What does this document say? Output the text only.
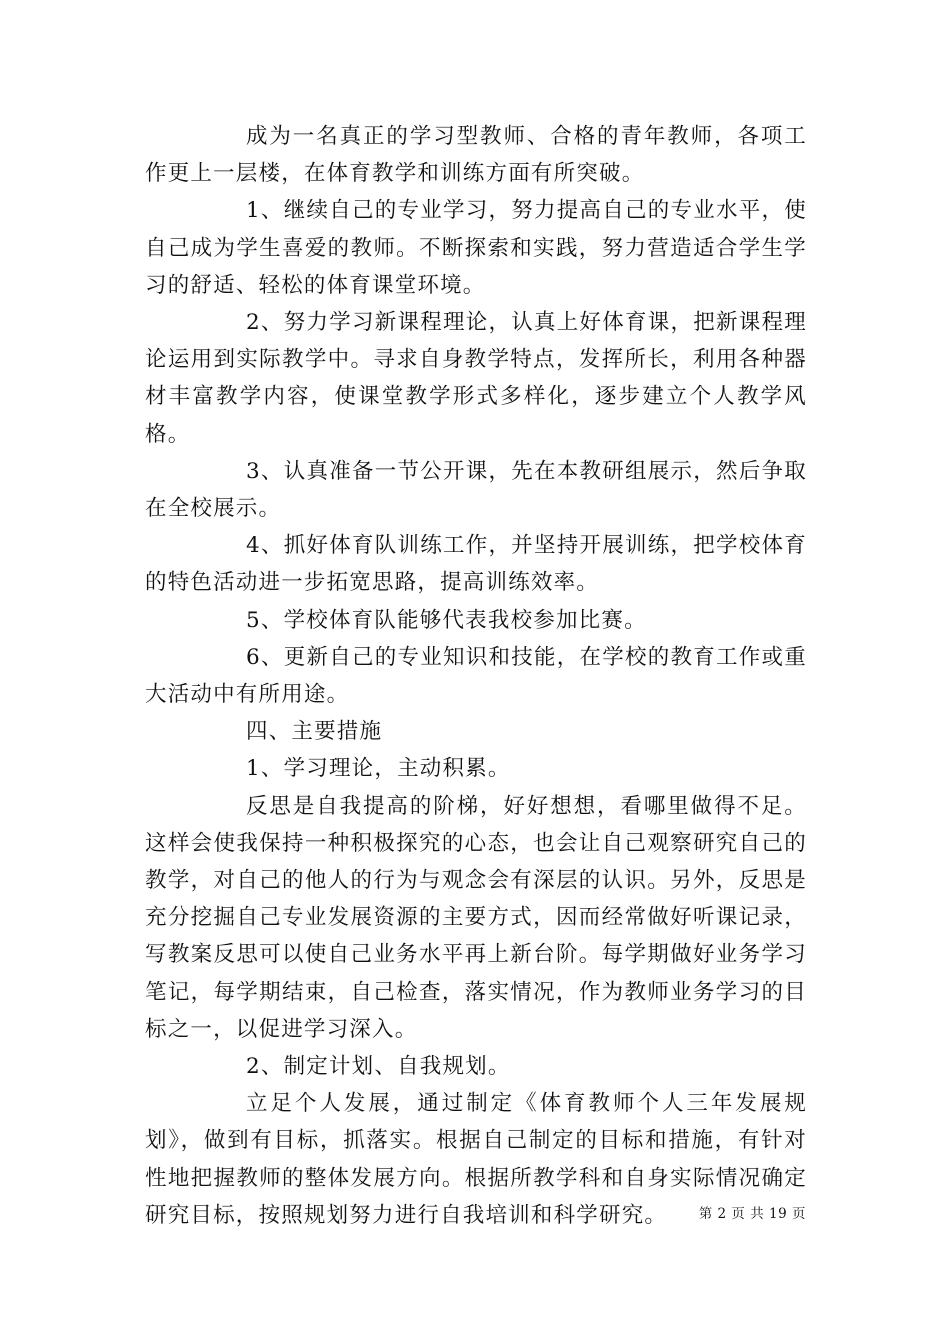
成为一名真正的学习型教师、合格的青年教师，各项工作更上一层楼，在体育教学和训练方面有所突破。

1、继续自己的专业学习，努力提高自己的专业水平，使自己成为学生喜爱的教师。不断探索和实践，努力营造适合学生学习的舒适、轻松的体育课堂环境。

2、努力学习新课程理论，认真上好体育课，把新课程理论运用到实际教学中。寻求自身教学特点，发挥所长，利用各种器材丰富教学内容，使课堂教学形式多样化，逐步建立个人教学风格。

3、认真准备一节公开课，先在本教研组展示，然后争取在全校展示。

4、抓好体育队训练工作，并坚持开展训练，把学校体育的特色活动进一步拓宽思路，提高训练效率。

5、学校体育队能够代表我校参加比赛。

6、更新自己的专业知识和技能，在学校的教育工作或重大活动中有所用途。

四、主要措施

1、学习理论，主动积累。

反思是自我提高的阶梯，好好想想，看哪里做得不足。这样会使我保持一种积极探究的心态，也会让自己观察研究自己的教学，对自己的他人的行为与观念会有深层的认识。另外，反思是充分挖掘自己专业发展资源的主要方式，因而经常做好听课记录，写教案反思可以使自己业务水平再上新台阶。每学期做好业务学习笔记，每学期结束，自己检查，落实情况，作为教师业务学习的目标之一，以促进学习深入。

2、制定计划、自我规划。

立足个人发展，通过制定《体育教师个人三年发展规划》，做到有目标，抓落实。根据自己制定的目标和措施，有针对性地把握教师的整体发展方向。根据所教学科和自身实际情况确定研究目标，按照规划努力进行自我培训和科学研究。	第 2 页 共 19 页
